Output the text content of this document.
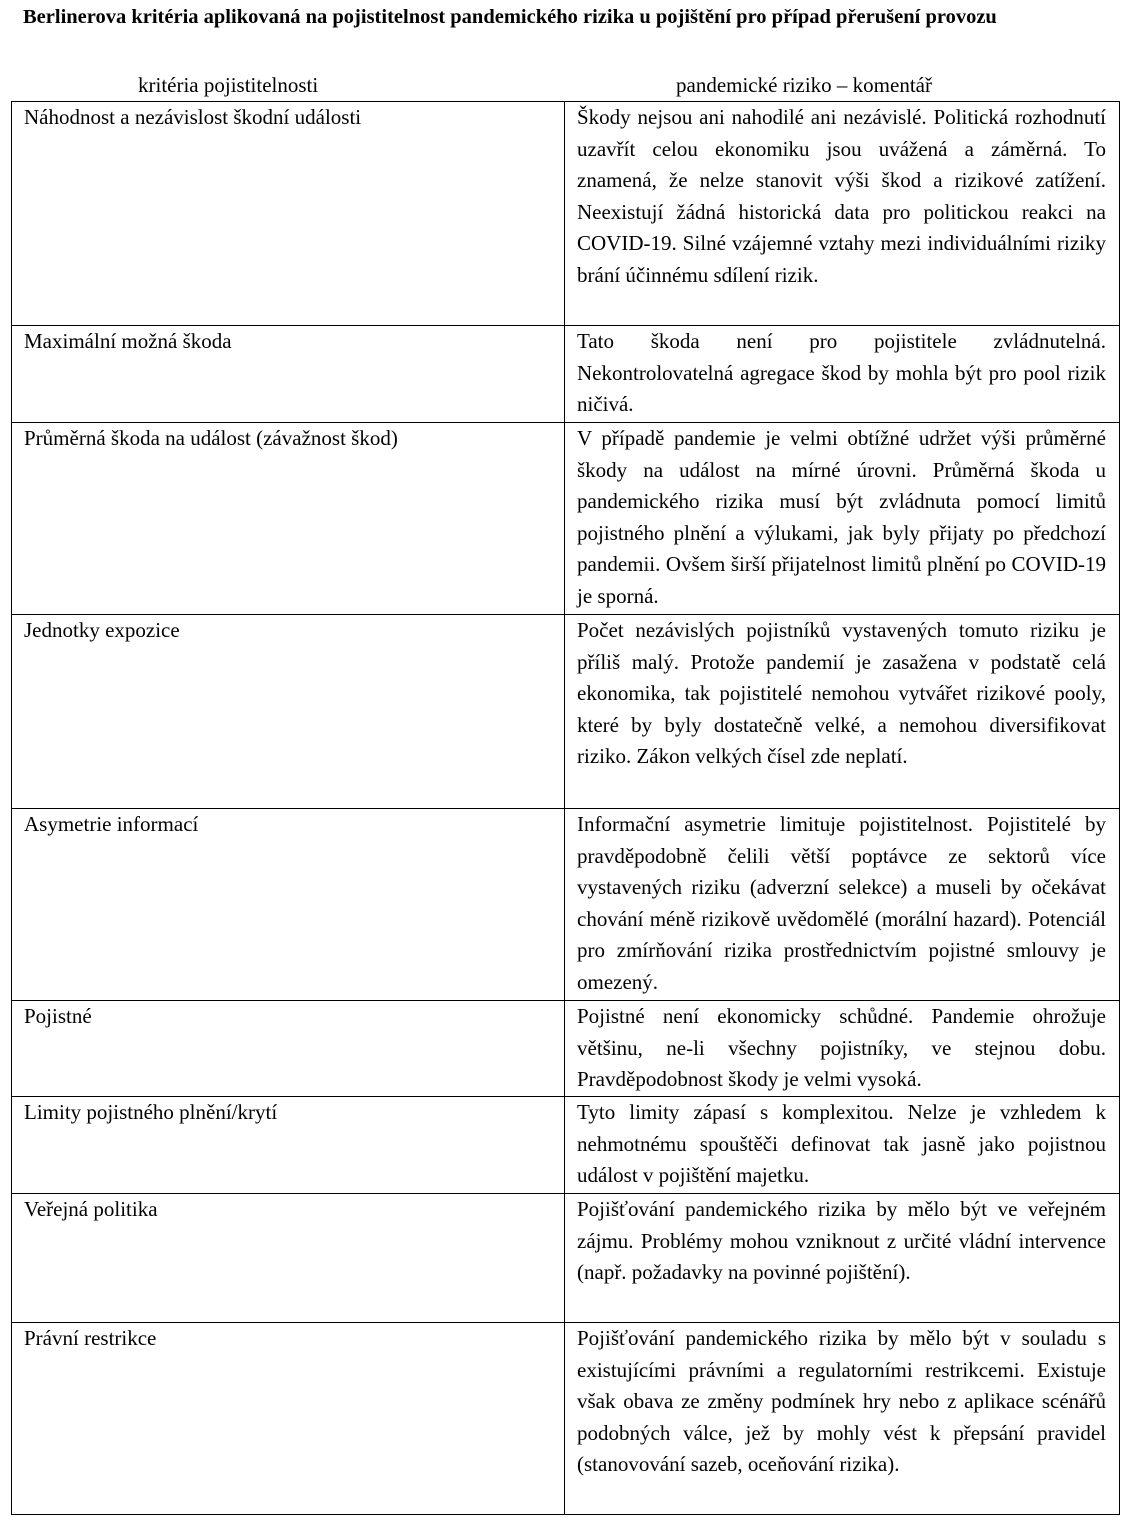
Berlinerova kritéria aplikovaná na pojistitelnost pandemického rizika u pojištění pro případ přerušení provozu
kritéria pojistitelnosti	pandemické riziko – komentář
Náhodnost a nezávislost škodní události	Škody nejsou ani nahodilé ani nezávislé. Politická rozhodnutí uzavřít celou ekonomiku jsou uvážená a záměrná. To znamená, že nelze stanovit výši škod a rizikové zatížení. Neexistují žádná historická data pro politickou reakci na COVID-19. Silné vzájemné vztahy mezi individuálními riziky brání účinnému sdílení rizik.
Maximální možná škoda	Tato škoda není pro pojistitele zvládnutelná. Nekontrolovatelná agregace škod by mohla být pro pool rizik ničivá.
Průměrná škoda na událost (závažnost škod)	V případě pandemie je velmi obtížné udržet výši průměrné škody na událost na mírné úrovni. Průměrná škoda u pandemického rizika musí být zvládnuta pomocí limitů pojistného plnění a výlukami, jak byly přijaty po předchozí pandemii. Ovšem širší přijatelnost limitů plnění po COVID-19 je sporná.
Jednotky expozice	Počet nezávislých pojistníků vystavených tomuto riziku je příliš malý. Protože pandemií je zasažena v podstatě celá ekonomika, tak pojistitelé nemohou vytvářet rizikové pooly, které by byly dostatečně velké, a nemohou diversifikovat riziko. Zákon velkých čísel zde neplatí.
Asymetrie informací	Informační asymetrie limituje pojistitelnost. Pojistitelé by pravděpodobně čelili větší poptávce ze sektorů více vystavených riziku (adverzní selekce) a museli by očekávat chování méně rizikově uvědomělé (morální hazard). Potenciál pro zmírňování rizika prostřednictvím pojistné smlouvy je omezený.
Pojistné	Pojistné není ekonomicky schůdné. Pandemie ohrožuje většinu, ne-li všechny pojistníky, ve stejnou dobu. Pravděpodobnost škody je velmi vysoká.
Limity pojistného plnění/krytí	Tyto limity zápasí s komplexitou. Nelze je vzhledem k nehmotnému spouštěči definovat tak jasně jako pojistnou událost v pojištění majetku.
Veřejná politika	Pojišťování pandemického rizika by mělo být ve veřejném zájmu. Problémy mohou vzniknout z určité vládní intervence (např. požadavky na povinné pojištění).
Právní restrikce	Pojišťování pandemického rizika by mělo být v souladu s existujícími právními a regulatorními restrikcemi. Existuje však obava ze změny podmínek hry nebo z aplikace scénářů podobných válce, jež by mohly vést k přepsání pravidel (stanovování sazeb, oceňování rizika).
